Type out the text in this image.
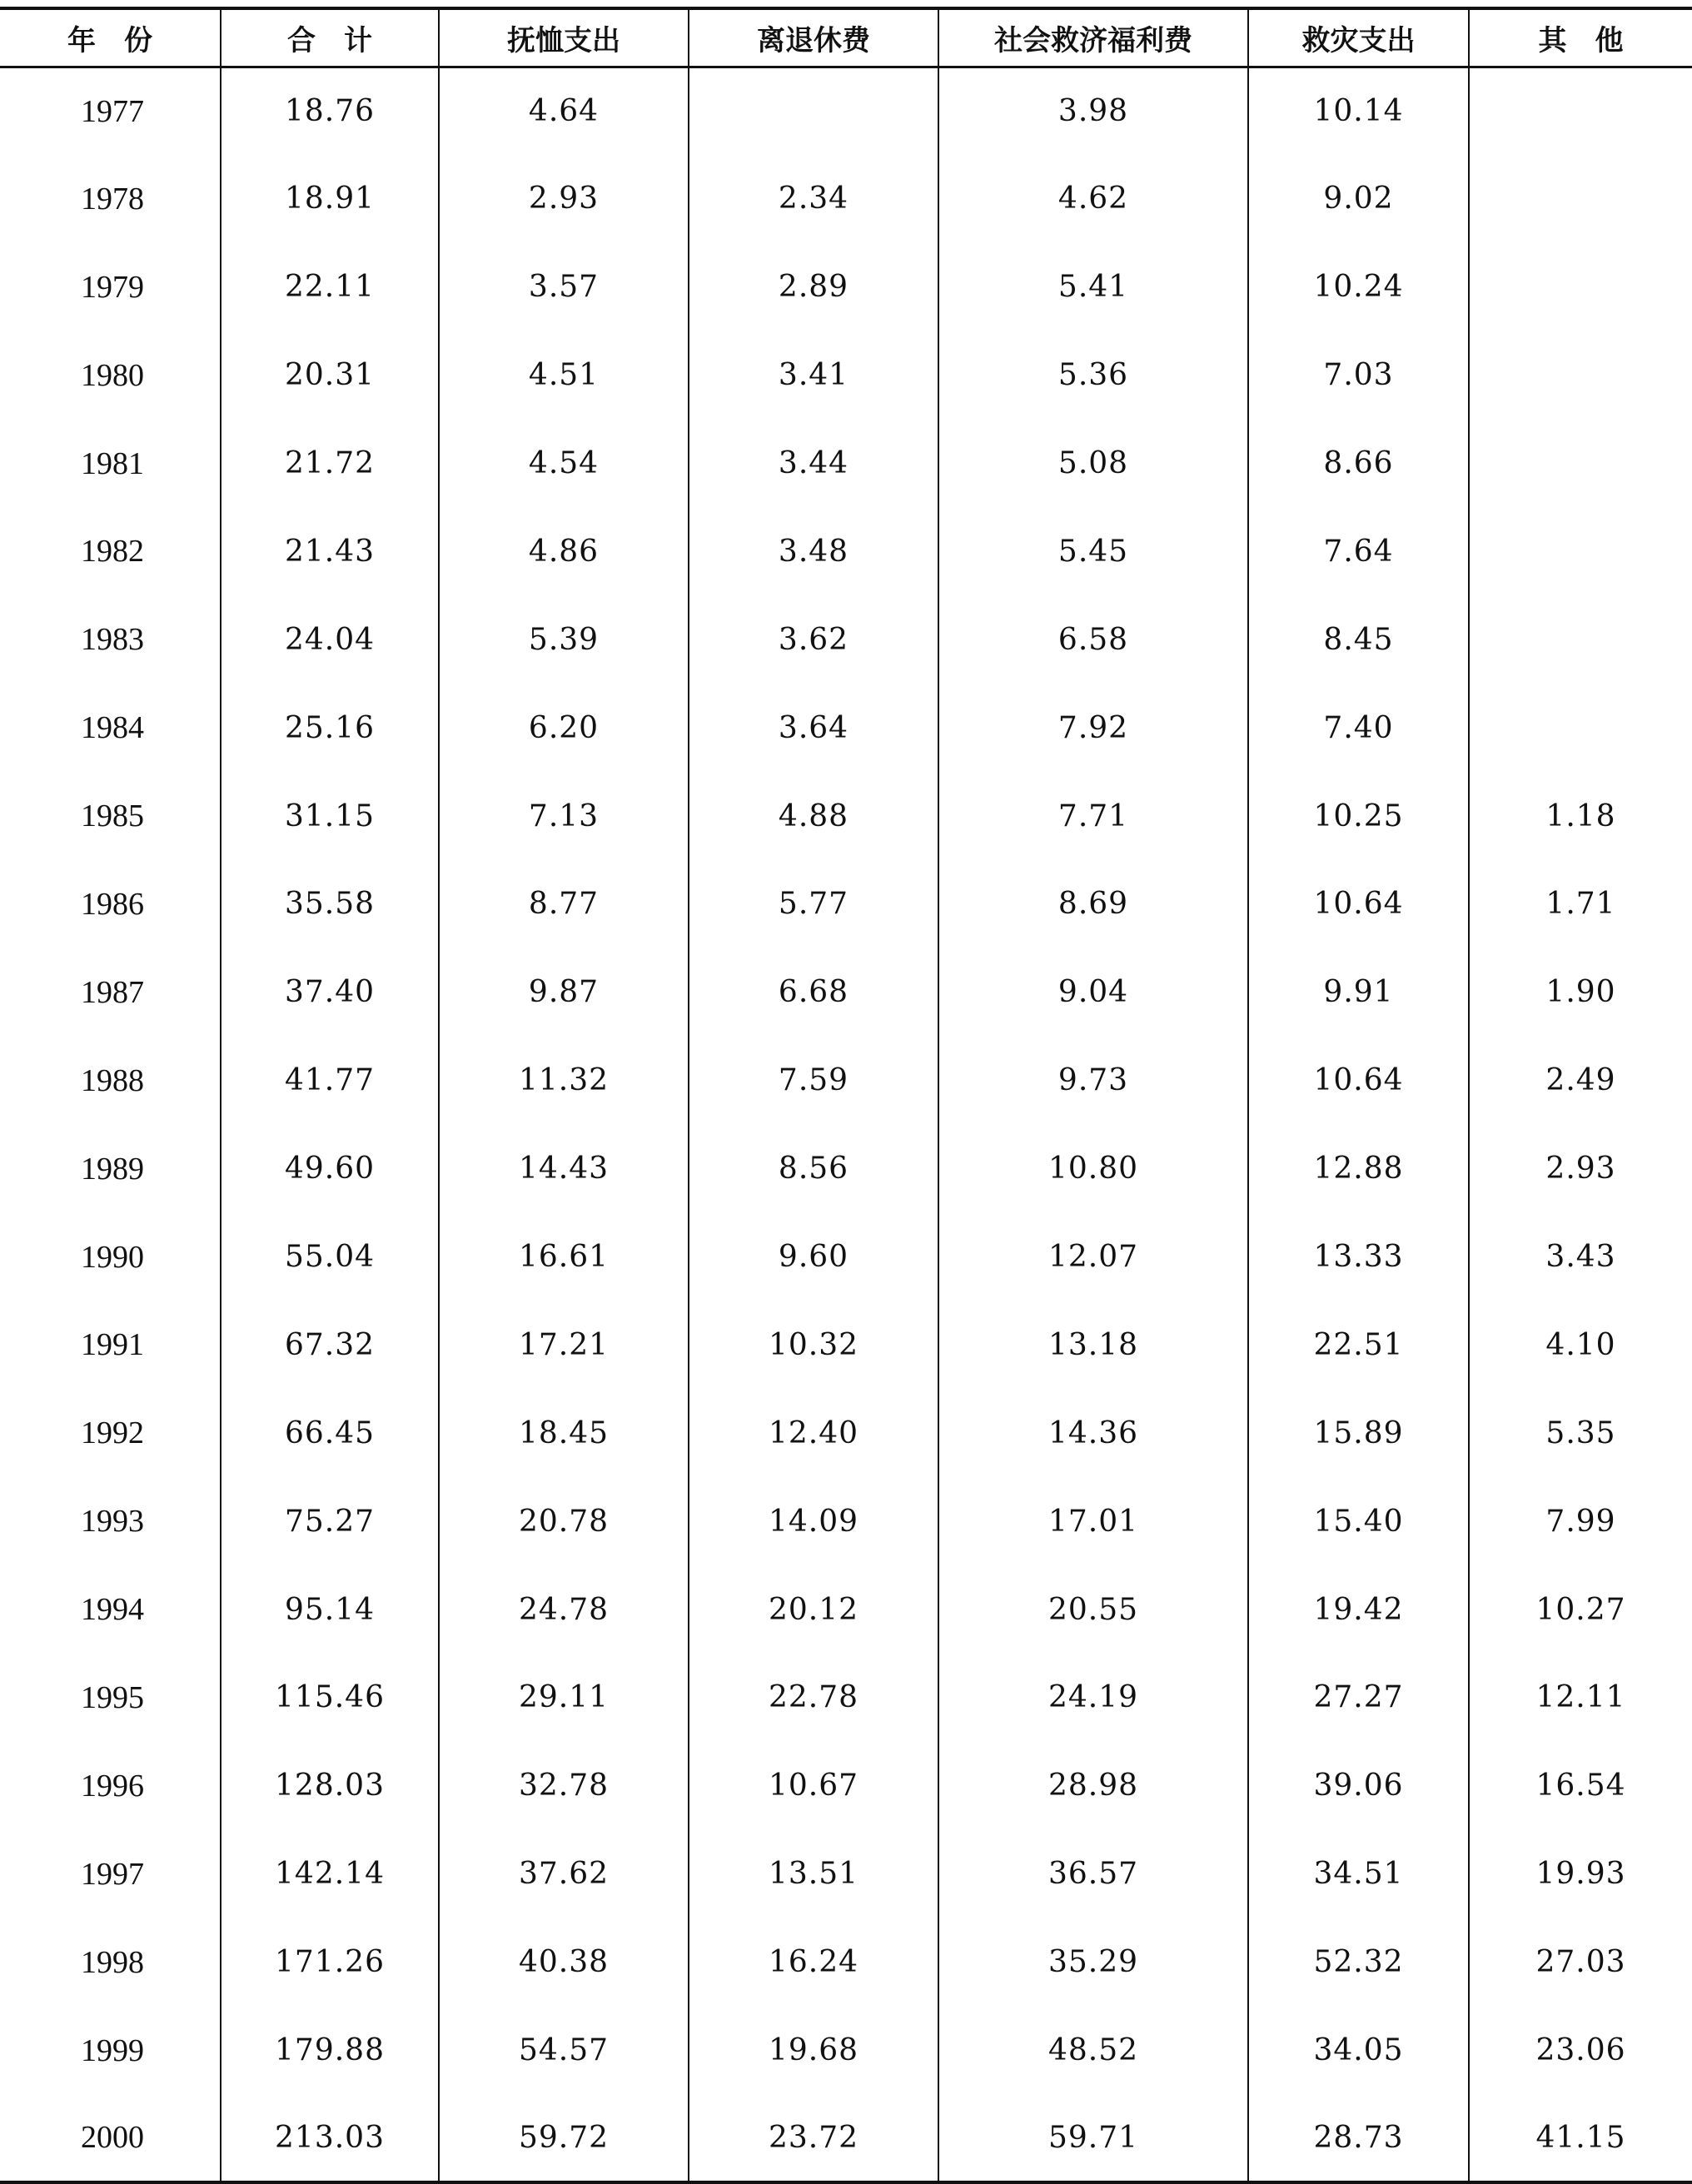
年　份	合　计	抚恤支出	离退休费	社会救济福利费	救灾支出	其　他
1977	18.76	4.64		3.98	10.14	
1978	18.91	2.93	2.34	4.62	9.02	
1979	22.11	3.57	2.89	5.41	10.24	
1980	20.31	4.51	3.41	5.36	7.03	
1981	21.72	4.54	3.44	5.08	8.66	
1982	21.43	4.86	3.48	5.45	7.64	
1983	24.04	5.39	3.62	6.58	8.45	
1984	25.16	6.20	3.64	7.92	7.40	
1985	31.15	7.13	4.88	7.71	10.25	1.18
1986	35.58	8.77	5.77	8.69	10.64	1.71
1987	37.40	9.87	6.68	9.04	9.91	1.90
1988	41.77	11.32	7.59	9.73	10.64	2.49
1989	49.60	14.43	8.56	10.80	12.88	2.93
1990	55.04	16.61	9.60	12.07	13.33	3.43
1991	67.32	17.21	10.32	13.18	22.51	4.10
1992	66.45	18.45	12.40	14.36	15.89	5.35
1993	75.27	20.78	14.09	17.01	15.40	7.99
1994	95.14	24.78	20.12	20.55	19.42	10.27
1995	115.46	29.11	22.78	24.19	27.27	12.11
1996	128.03	32.78	10.67	28.98	39.06	16.54
1997	142.14	37.62	13.51	36.57	34.51	19.93
1998	171.26	40.38	16.24	35.29	52.32	27.03
1999	179.88	54.57	19.68	48.52	34.05	23.06
2000	213.03	59.72	23.72	59.71	28.73	41.15
